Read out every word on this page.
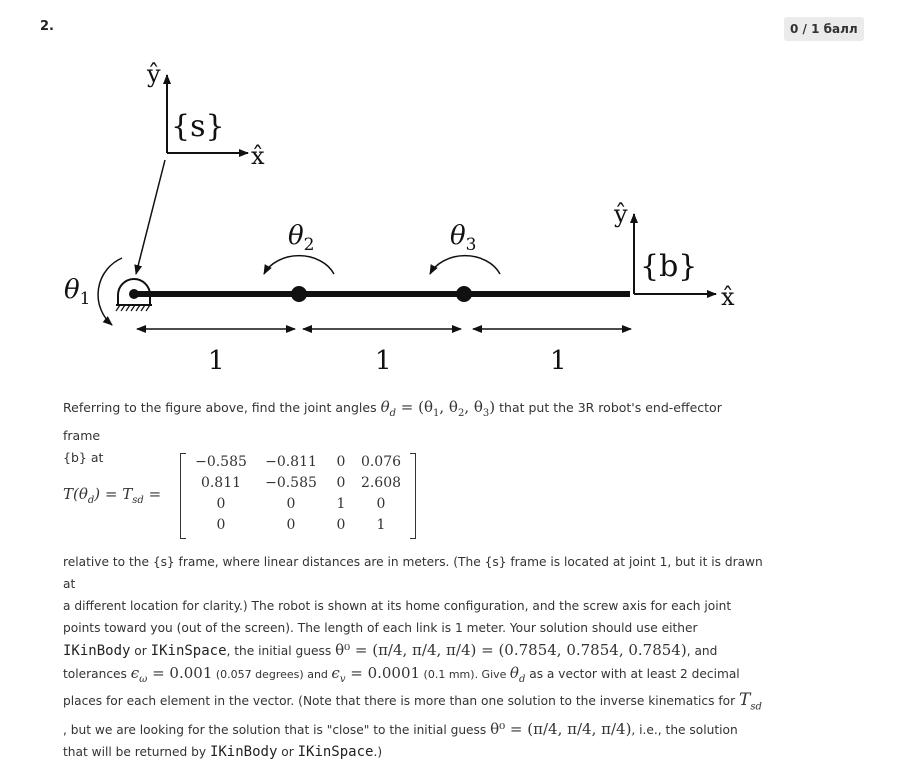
2.	0 / 1 балл
ŷ
x̂
{s}
$\theta_1$
$\theta_2$	$\theta_3$
ŷ
x̂
{b}
1	1	1
Referring to the figure above, find the joint angles $\theta_d = (\theta_1$, $\theta_2$, $\theta_3$) that put the 3R robot's end-effector frame
{b} at
$T(\theta_d) = T_{sd}$ =
−0.585	−0.811	0	0.076
0.811	−0.585	0	2.608
0	0	1	0
0	0	0	1
relative to the {s} frame, where linear distances are in meters. (The {s} frame is located at joint 1, but it is drawn at
a different location for clarity.) The robot is shown at its home configuration, and the screw axis for each joint
points toward you (out of the screen). The length of each link is 1 meter. Your solution should use either
IKinBody or IKinSpace, the initial guess θ⁰ = (π/4, π/4, π/4) = (0.7854, 0.7854, 0.7854), and
tolerances $\epsilon_\omega = 0.001$ (0.057 degrees) and $\epsilon_v = 0.0001$ (0.1 mm). Give $\theta_d$ as a vector with at least 2 decimal
places for each element in the vector. (Note that there is more than one solution to the inverse kinematics for $T_{sd}$
, but we are looking for the solution that is "close" to the initial guess θ⁰ = (π/4, π/4, π/4), i.e., the solution
that will be returned by IKinBody or IKinSpace.)
